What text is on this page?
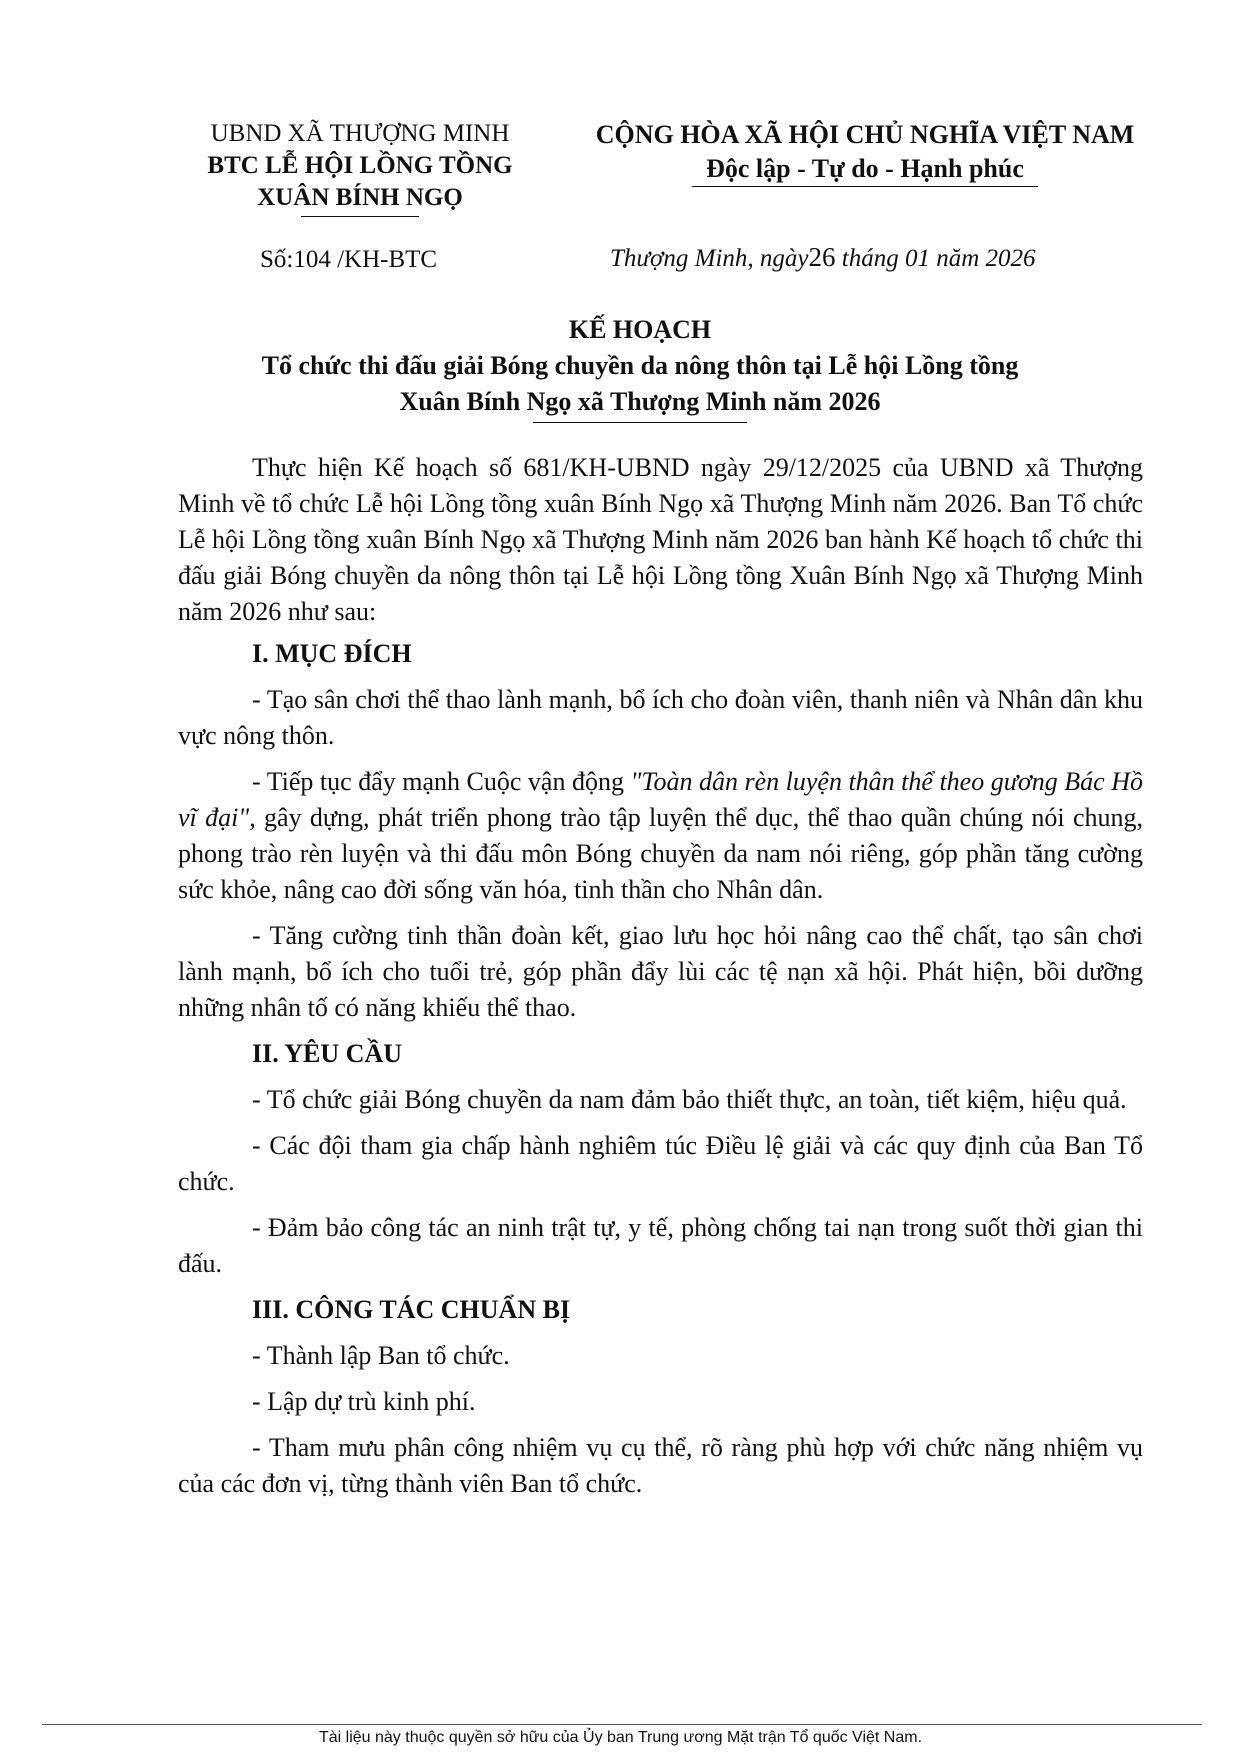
UBND XÃ THƯỢNG MINH
BTC LỄ HỘI LỒNG TỒNG
XUÂN BÍNH NGỌ
CỘNG HÒA XÃ HỘI CHỦ NGHĨA VIỆT NAM
Độc lập - Tự do - Hạnh phúc
Số:104 /KH-BTC	Thượng Minh, ngày26 tháng 01 năm 2026
KẾ HOẠCH
Tổ chức thi đấu giải Bóng chuyền da nông thôn tại Lễ hội Lồng tồng
Xuân Bính Ngọ xã Thượng Minh năm 2026

Thực hiện Kế hoạch số 681/KH-UBND ngày 29/12/2025 của UBND xã Thượng Minh về tổ chức Lễ hội Lồng tồng xuân Bính Ngọ xã Thượng Minh năm 2026. Ban Tổ chức Lễ hội Lồng tồng xuân Bính Ngọ xã Thượng Minh năm 2026 ban hành Kế hoạch tổ chức thi đấu giải Bóng chuyền da nông thôn tại Lễ hội Lồng tồng Xuân Bính Ngọ xã Thượng Minh năm 2026 như sau:

I. MỤC ĐÍCH

- Tạo sân chơi thể thao lành mạnh, bổ ích cho đoàn viên, thanh niên và Nhân dân khu vực nông thôn.

- Tiếp tục đẩy mạnh Cuộc vận động "Toàn dân rèn luyện thân thể theo gương Bác Hồ vĩ đại", gây dựng, phát triển phong trào tập luyện thể dục, thể thao quần chúng nói chung, phong trào rèn luyện và thi đấu môn Bóng chuyền da nam nói riêng, góp phần tăng cường sức khỏe, nâng cao đời sống văn hóa, tinh thần cho Nhân dân.

- Tăng cường tinh thần đoàn kết, giao lưu học hỏi nâng cao thể chất, tạo sân chơi lành mạnh, bổ ích cho tuổi trẻ, góp phần đẩy lùi các tệ nạn xã hội. Phát hiện, bồi dưỡng những nhân tố có năng khiếu thể thao.

II. YÊU CẦU

- Tổ chức giải Bóng chuyền da nam đảm bảo thiết thực, an toàn, tiết kiệm, hiệu quả.

- Các đội tham gia chấp hành nghiêm túc Điều lệ giải và các quy định của Ban Tổ chức.

- Đảm bảo công tác an ninh trật tự, y tế, phòng chống tai nạn trong suốt thời gian thi đấu.

III. CÔNG TÁC CHUẨN BỊ

- Thành lập Ban tổ chức.

- Lập dự trù kinh phí.

- Tham mưu phân công nhiệm vụ cụ thể, rõ ràng phù hợp với chức năng nhiệm vụ của các đơn vị, từng thành viên Ban tổ chức.

Tài liệu này thuộc quyền sở hữu của Ủy ban Trung ương Mặt trận Tổ quốc Việt Nam.
